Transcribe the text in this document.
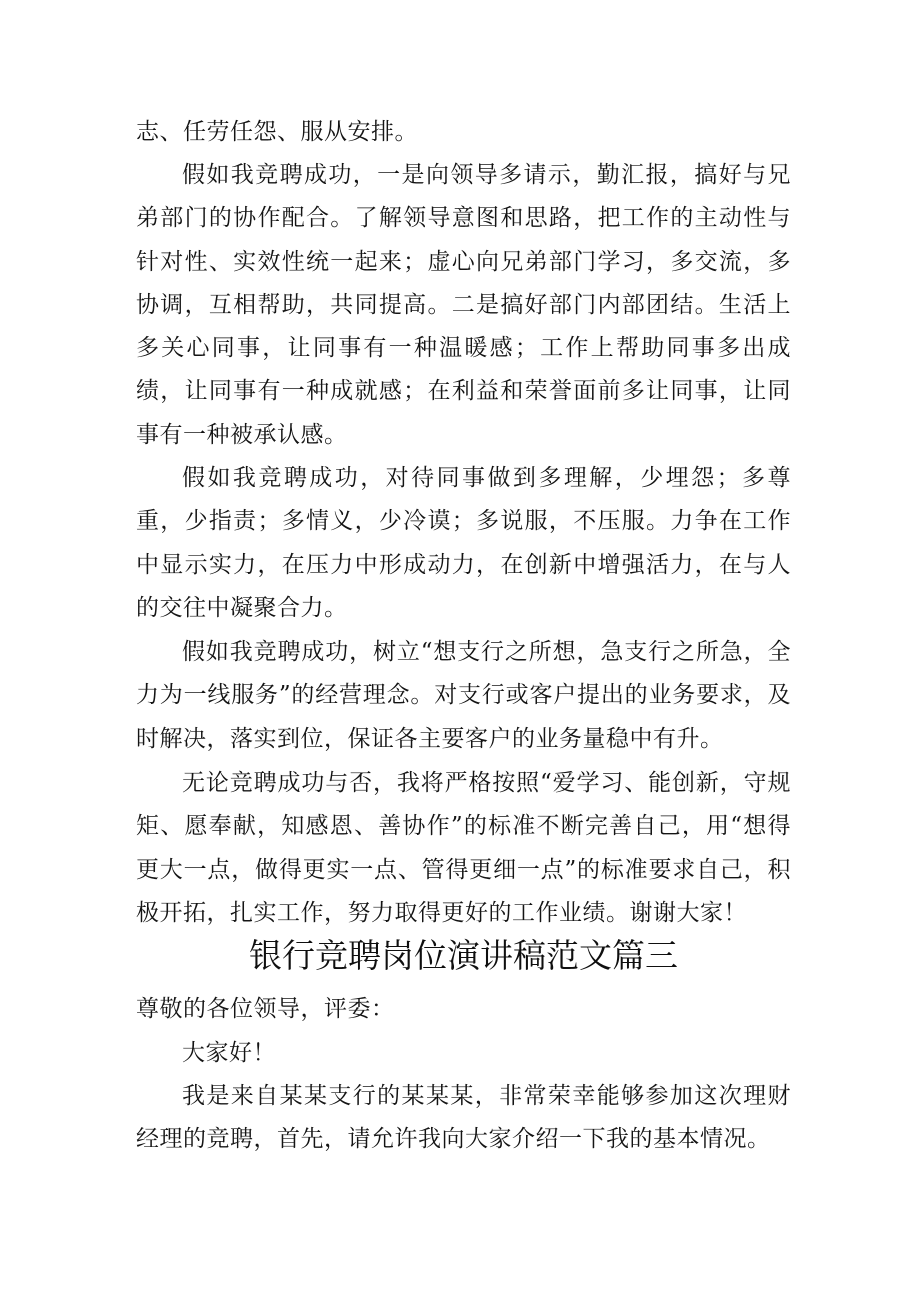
志、任劳任怨、服从安排。

假如我竞聘成功，一是向领导多请示，勤汇报，搞好与兄弟部门的协作配合。了解领导意图和思路，把工作的主动性与针对性、实效性统一起来；虚心向兄弟部门学习，多交流，多协调，互相帮助，共同提高。二是搞好部门内部团结。生活上多关心同事，让同事有一种温暖感；工作上帮助同事多出成绩，让同事有一种成就感；在利益和荣誉面前多让同事，让同事有一种被承认感。

假如我竞聘成功，对待同事做到多理解，少埋怨；多尊重，少指责；多情义，少冷谟；多说服，不压服。力争在工作中显示实力，在压力中形成动力，在创新中增强活力，在与人的交往中凝聚合力。

假如我竞聘成功，树立“想支行之所想，急支行之所急，全力为一线服务”的经营理念。对支行或客户提出的业务要求，及时解决，落实到位，保证各主要客户的业务量稳中有升。

无论竞聘成功与否，我将严格按照“爱学习、能创新，守规矩、愿奉献，知感恩、善协作”的标准不断完善自己，用“想得更大一点，做得更实一点、管得更细一点”的标准要求自己，积极开拓，扎实工作，努力取得更好的工作业绩。谢谢大家！

银行竞聘岗位演讲稿范文篇三

尊敬的各位领导，评委：

大家好！

我是来自某某支行的某某某，非常荣幸能够参加这次理财经理的竞聘，首先，请允许我向大家介绍一下我的基本情况。
